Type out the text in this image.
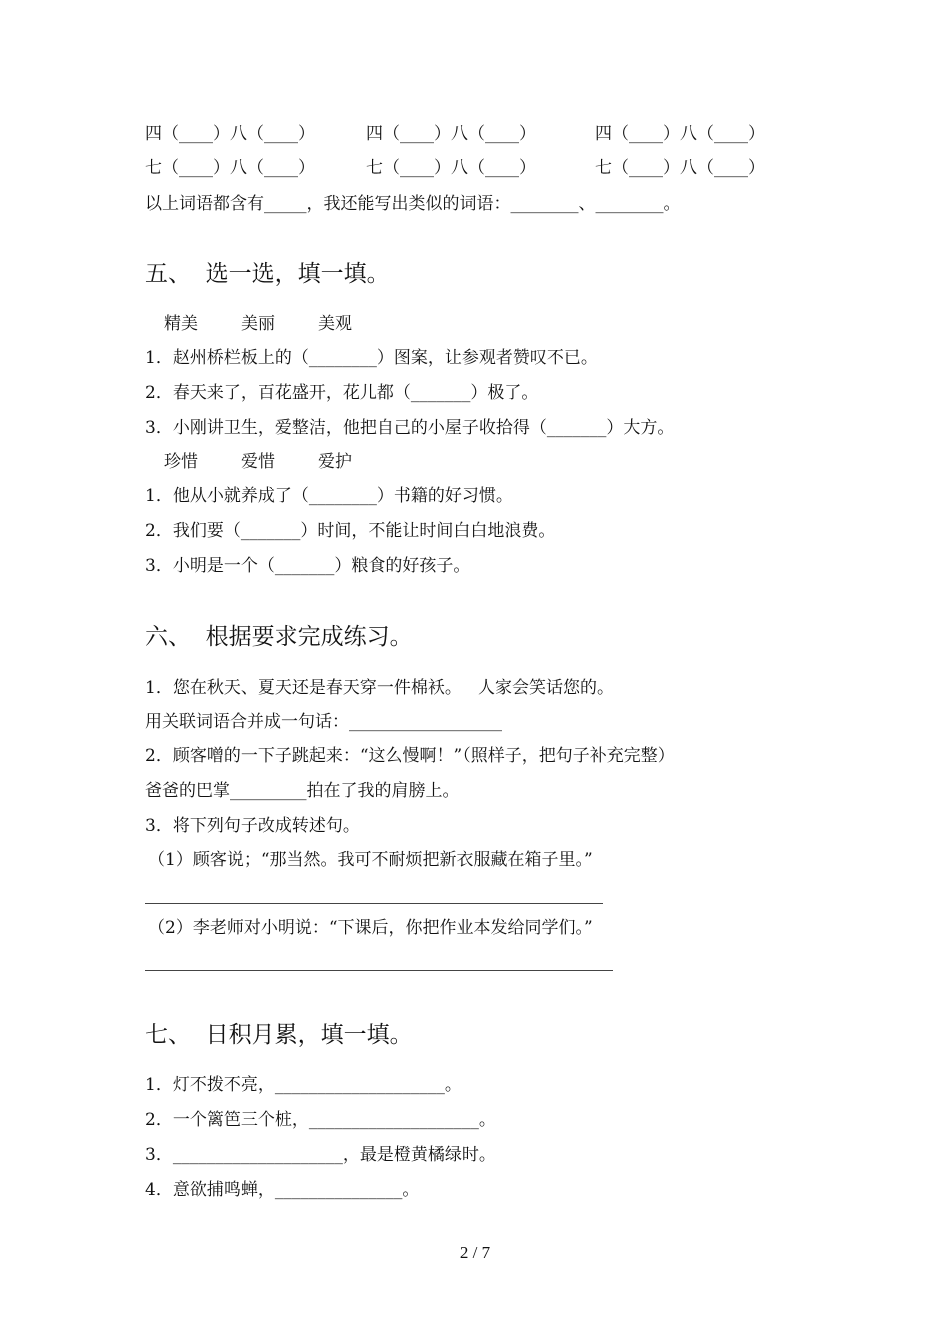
四（____）八（____）	四（____）八（____）	四（____）八（____）
七（____）八（____）	七（____）八（____）	七（____）八（____）
以上词语都含有_____，我还能写出类似的词语：________、________。
五、  选一选，填一填。
精美	美丽	美观
1．赵州桥栏板上的（________）图案，让参观者赞叹不已。
2．春天来了，百花盛开，花儿都（_______）极了。
3．小刚讲卫生，爱整洁，他把自己的小屋子收拾得（_______）大方。
珍惜	爱惜	爱护
1．他从小就养成了（________）书籍的好习惯。
2．我们要（_______）时间，不能让时间白白地浪费。
3．小明是一个（_______）粮食的好孩子。
六、  根据要求完成练习。
1．您在秋天、夏天还是春天穿一件棉袄。   人家会笑话您的。
用关联词语合并成一句话：__________________
2．顾客噌的一下子跳起来：“这么慢啊！”（照样子，把句子补充完整）
爸爸的巴掌_________拍在了我的肩膀上。
3．将下列句子改成转述句。
（1）顾客说；“那当然。我可不耐烦把新衣服藏在箱子里。”
（2）李老师对小明说：“下课后，你把作业本发给同学们。”
七、  日积月累，填一填。
1．灯不拨不亮，____________________。
2．一个篱笆三个桩，____________________。
3．____________________，最是橙黄橘绿时。
4．意欲捕鸣蝉，_______________。
2 / 7
